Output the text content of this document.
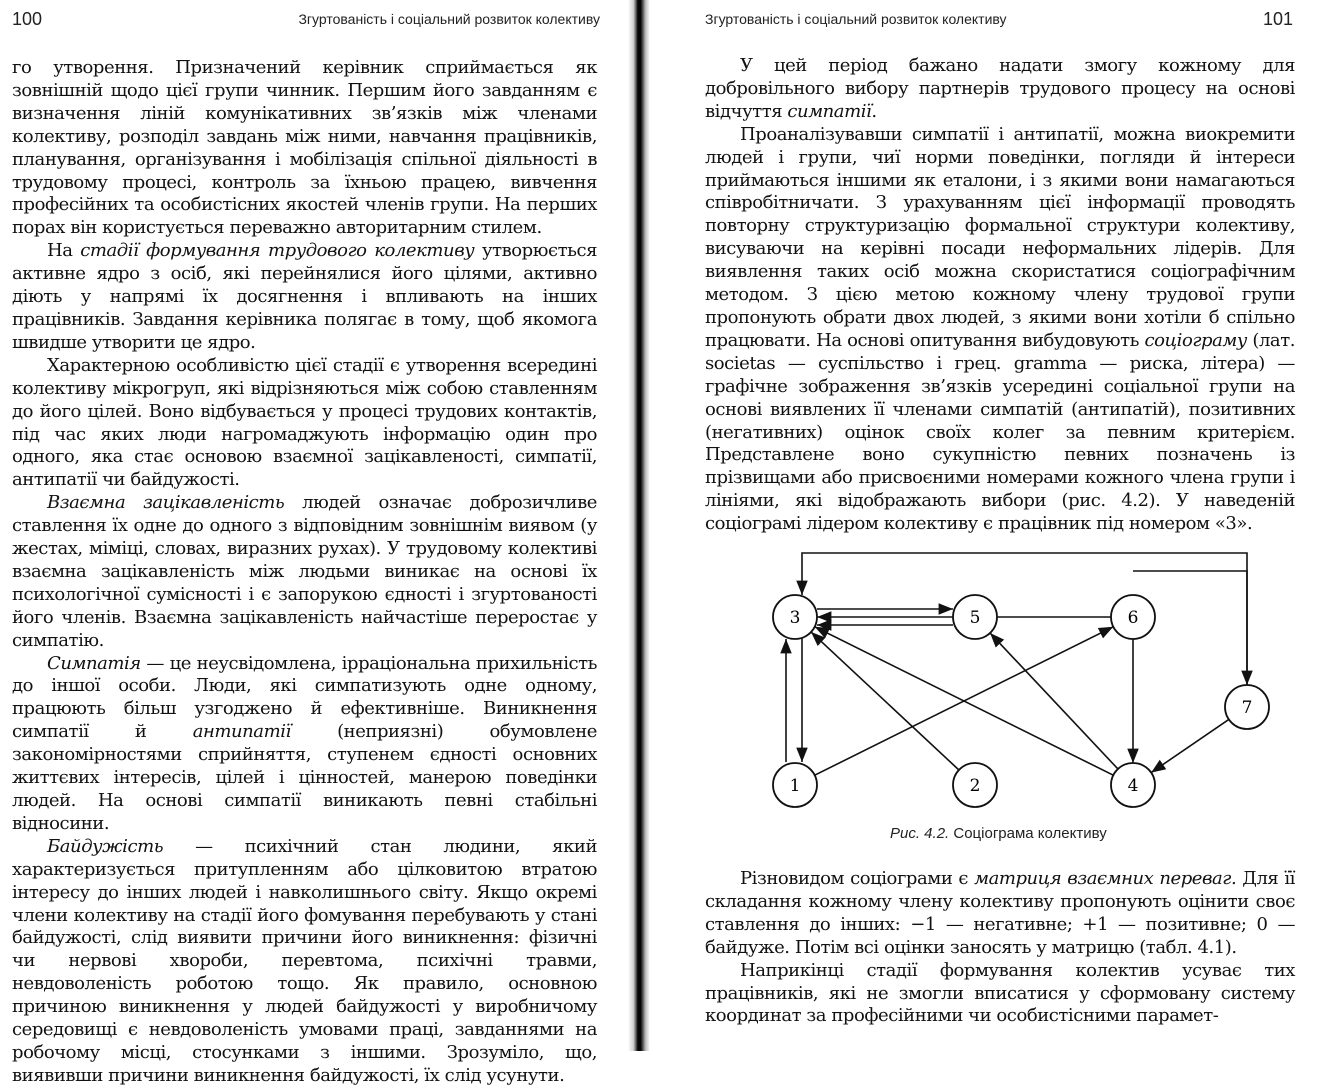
100	Згуртованість і соціальний розвиток колективу

го утворення. Призначений керівник сприймається як зовнішній щодо цієї групи чинник. Першим його завданням є визначення ліній комунікативних зв’язків між членами колективу, розподіл завдань між ними, навчання працівників, планування, організування і мобілізація спільної діяльності в трудовому процесі, контроль за їхньою працею, вивчення професійних та особистісних якостей членів групи. На перших порах він користується переважно авторитарним стилем.

На стадії формування трудового колективу утворюється активне ядро з осіб, які перейнялися його цілями, активно діють у напрямі їх досягнення і впливають на інших працівників. Завдання керівника полягає в тому, щоб якомога швидше утворити це ядро.

Характерною особливістю цієї стадії є утворення всередині колективу мікрогруп, які відрізняються між собою ставленням до його цілей. Воно відбувається у процесі трудових контактів, під час яких люди нагромаджують інформацію один про одного, яка стає основою взаємної зацікавленості, симпатії, антипатії чи байдужості.

Взаємна зацікавленість людей означає доброзичливе ставлення їх одне до одного з відповідним зовнішнім виявом (у жестах, міміці, словах, виразних рухах). У трудовому колективі взаємна зацікавленість між людьми виникає на основі їх психологічної сумісності і є запорукою єдності і згуртованості його членів. Взаємна зацікавленість найчастіше переростає у симпатію.

Симпатія — це неусвідомлена, ірраціональна прихильність до іншої особи. Люди, які симпатизують одне одному, працюють більш узгоджено й ефективніше. Виникнення симпатії й антипатії (неприязні) обумовлене закономірностями сприйняття, ступенем єдності основних життєвих інтересів, цілей і цінностей, манерою поведінки людей. На основі симпатії виникають певні стабільні відносини.

Байдужість — психічний стан людини, який характеризується притупленням або цілковитою втратою інтересу до інших людей і навколишнього світу. Якщо окремі члени колективу на стадії його фомування перебувають у стані байдужості, слід виявити причини його виникнення: фізичні чи нервові хвороби, перевтома, психічні травми, невдоволеність роботою тощо. Як правило, основною причиною виникнення у людей байдужості у виробничому середовищі є невдоволеність умовами праці, завданнями на робочому місці, стосунками з іншими. Зрозуміло, що, виявивши причини виникнення байдужості, їх слід усунути.

Згуртованість і соціальний розвиток колективу	101

У цей період бажано надати змогу кожному для добровільного вибору партнерів трудового процесу на основі відчуття симпатії.

Проаналізувавши симпатії і антипатії, можна виокремити людей і групи, чиї норми поведінки, погляди й інтереси приймаються іншими як еталони, і з якими вони намагаються співробітничати. З урахуванням цієї інформації проводять повторну структуризацію формальної структури колективу, висуваючи на керівні посади неформальних лідерів. Для виявлення таких осіб можна скористатися соціографічним методом. З цією метою кожному члену трудової групи пропонують обрати двох людей, з якими вони хотіли б спільно працювати. На основі опитування вибудовують соціограму (лат. societas — суспільство і грец. gramma — риска, літера) — графічне зображення зв’язків усередині соціальної групи на основі виявлених її членами симпатій (антипатій), позитивних (негативних) оцінок своїх колег за певним критерієм. Представлене воно сукупністю певних позначень із прізвищами або присвоєними номерами кожного члена групи і лініями, які відображають вибори (рис. 4.2). У наведеній соціограмі лідером колективу є працівник під номером «3».

3	5	6
7
1	2	4
Рис. 4.2. Соціограма колективу

Різновидом соціограми є матриця взаємних переваг. Для її складання кожному члену колективу пропонують оцінити своє ставлення до інших: −1 — негативне; +1 — позитивне; 0 — байдуже. Потім всі оцінки заносять у матрицю (табл. 4.1).

Наприкінці стадії формування колектив усуває тих працівників, які не змогли вписатися у сформовану систему координат за професійними чи особистісними парамет-
